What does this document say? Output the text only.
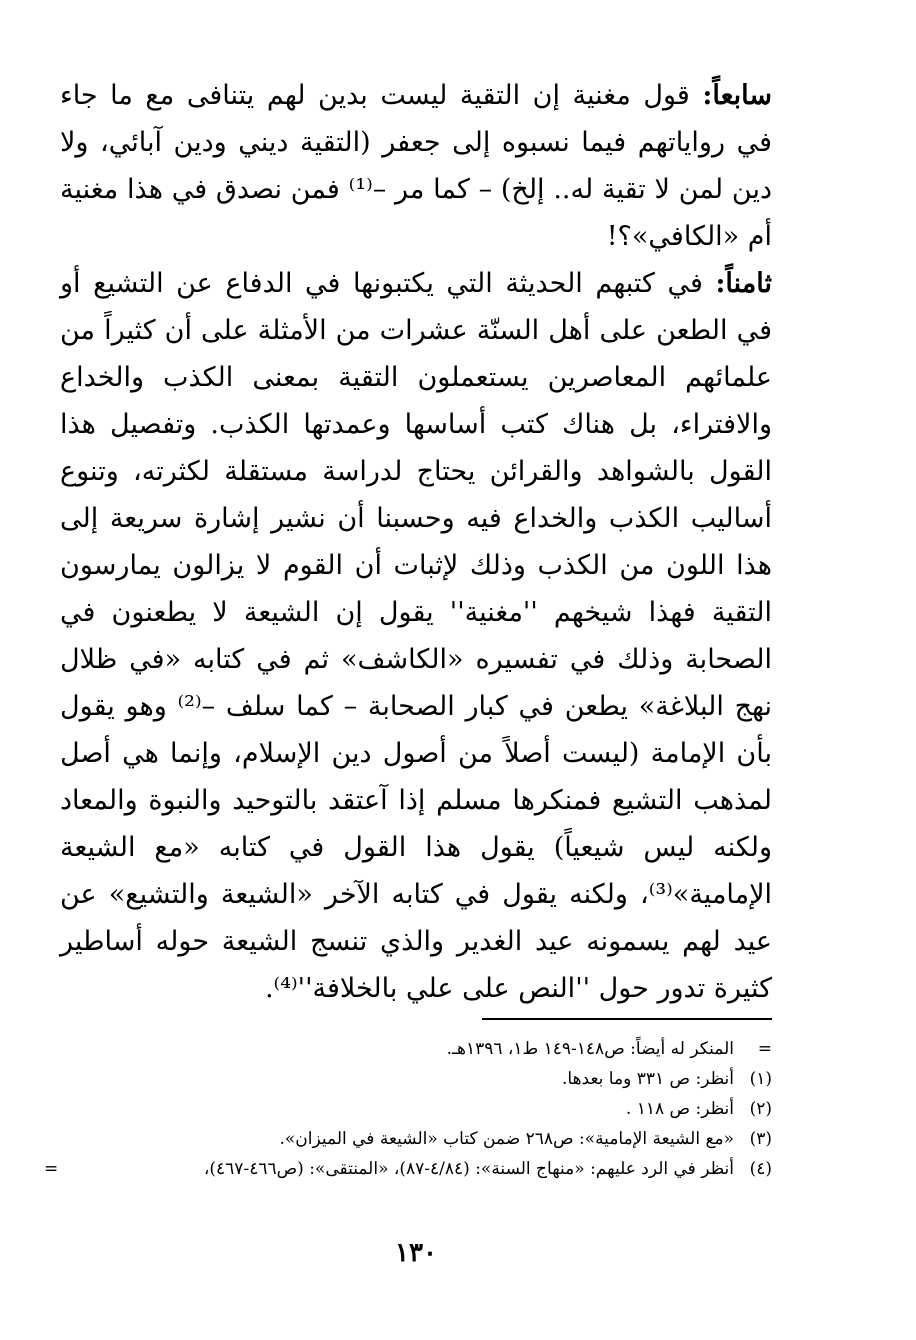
سابعاً: قول مغنية إن التقية ليست بدين لهم يتنافى مع ما جاء في رواياتهم فيما نسبوه إلى جعفر (التقية ديني ودين آبائي، ولا دين لمن لا تقية له.. إلخ) – كما مر –⁽¹⁾ فمن نصدق في هذا مغنية أم «الكافي»؟!

ثامناً: في كتبهم الحديثة التي يكتبونها في الدفاع عن التشيع أو في الطعن على أهل السنّة عشرات من الأمثلة على أن كثيراً من علمائهم المعاصرين يستعملون التقية بمعنى الكذب والخداع والافتراء، بل هناك كتب أساسها وعمدتها الكذب. وتفصيل هذا القول بالشواهد والقرائن يحتاج لدراسة مستقلة لكثرته، وتنوع أساليب الكذب والخداع فيه وحسبنا أن نشير إشارة سريعة إلى هذا اللون من الكذب وذلك لإثبات أن القوم لا يزالون يمارسون التقية فهذا شيخهم ''مغنية'' يقول إن الشيعة لا يطعنون في الصحابة وذلك في تفسيره «الكاشف» ثم في كتابه «في ظلال نهج البلاغة» يطعن في كبار الصحابة – كما سلف –⁽²⁾ وهو يقول بأن الإمامة (ليست أصلاً من أصول دين الإسلام، وإنما هي أصل لمذهب التشيع فمنكرها مسلم إذا آعتقد بالتوحيد والنبوة والمعاد ولكنه ليس شيعياً) يقول هذا القول في كتابه «مع الشيعة الإمامية»⁽³⁾، ولكنه يقول في كتابه الآخر «الشيعة والتشيع» عن عيد لهم يسمونه عيد الغدير والذي تنسج الشيعة حوله أساطير كثيرة تدور حول ''النص على علي بالخلافة''⁽⁴⁾.

=المنكر له أيضاً: ص١٤٨-١٤٩ ط١، ١٣٩٦هـ.
(١)أنظر: ص ٣٣١ وما بعدها.
(٢)أنظر: ص ١١٨ .
(٣)«مع الشيعة الإمامية»: ص٢٦٨ ضمن كتاب «الشيعة في الميزان».
(٤)أنظر في الرد عليهم: «منهاج السنة»: (٤/٨٤-٨٧)، «المنتقى»: (ص٤٦٦-٤٦٧)،
=
١٣٠
